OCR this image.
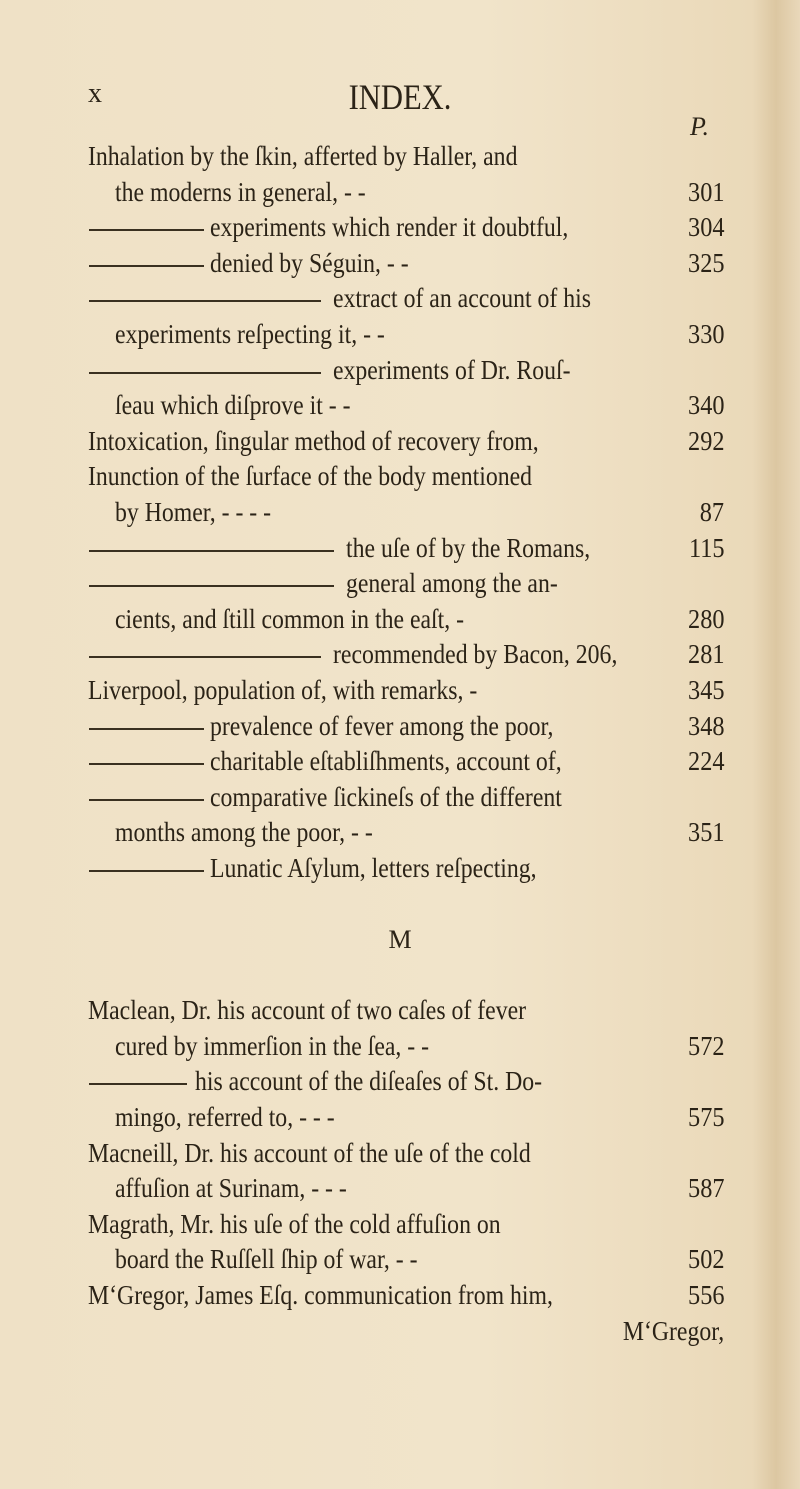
x	INDEX.
P.
Inhalation by the ſkin, afferted by Haller, and
the moderns in general, - -	301
experiments which render it doubtful,	304
denied by Séguin, - -	325
extract of an account of his
experiments reſpecting it, - -	330
experiments of Dr. Rouſ-
ſeau which diſprove it - -	340
Intoxication, ſingular method of recovery from,	292
Inunction of the ſurface of the body mentioned
by Homer, - - - -	87
the uſe of by the Romans,	115
general among the an-
cients, and ſtill common in the eaſt, -	280
recommended by Bacon, 206,	281
Liverpool, population of, with remarks, -	345
prevalence of fever among the poor,	348
charitable eſtabliſhments, account of,	224
comparative ſickineſs of the different
months among the poor, - -	351
Lunatic Aſylum, letters reſpecting,
M
Maclean, Dr. his account of two caſes of fever
cured by immerſion in the ſea, - -	572
his account of the diſeaſes of St. Do-
mingo, referred to, - - -	575
Macneill, Dr. his account of the uſe of the cold
affuſion at Surinam, - - -	587
Magrath, Mr. his uſe of the cold affuſion on
board the Ruſſell ſhip of war, - -	502
M‘Gregor, James Eſq. communication from him,	556
M‘Gregor,
